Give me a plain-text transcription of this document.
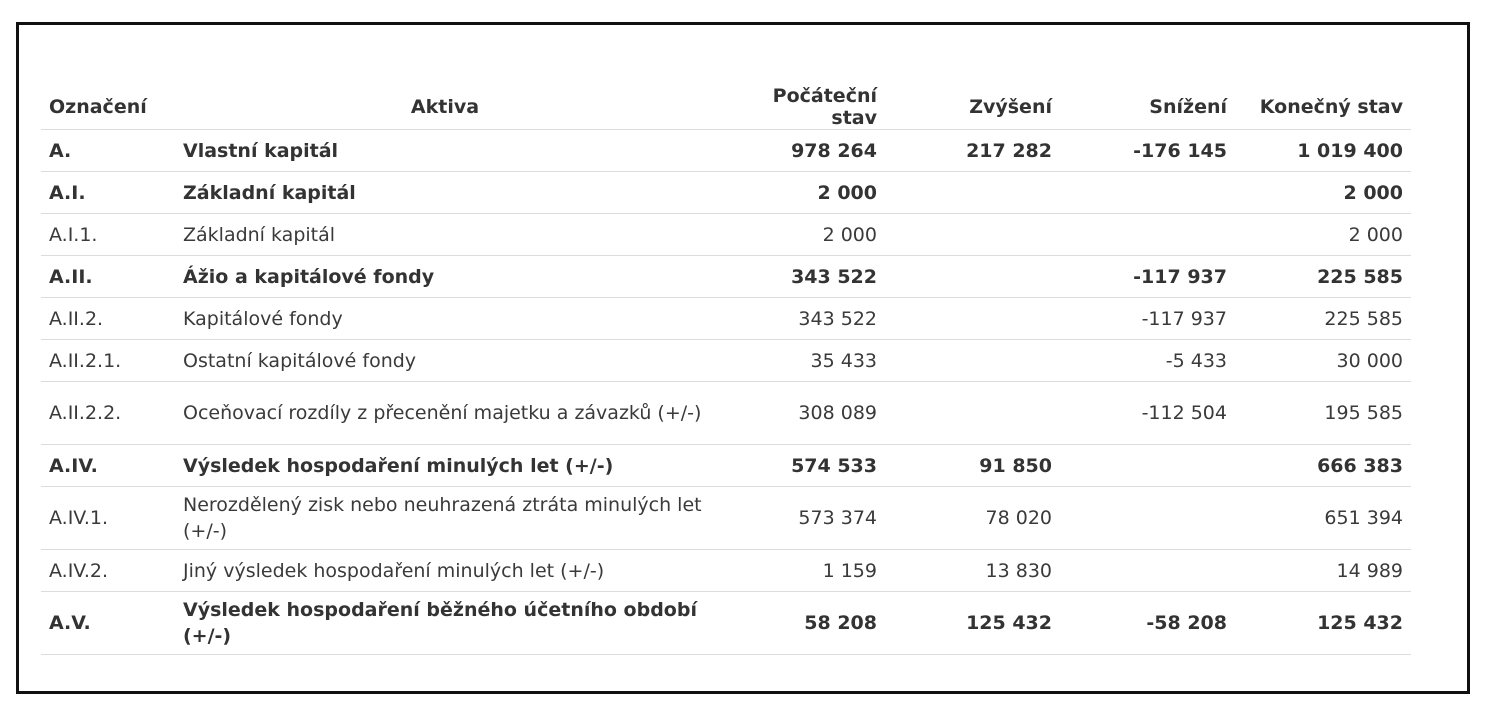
Označení	Aktiva	Počáteční stav	Zvýšení	Snížení	Konečný stav
A.	Vlastní kapitál	978 264	217 282	-176 145	1 019 400
A.I.	Základní kapitál	2 000			2 000
A.I.1.	Základní kapitál	2 000			2 000
A.II.	Ážio a kapitálové fondy	343 522		-117 937	225 585
A.II.2.	Kapitálové fondy	343 522		-117 937	225 585
A.II.2.1.	Ostatní kapitálové fondy	35 433		-5 433	30 000
A.II.2.2.	Oceňovací rozdíly z přecenění majetku a závazků (+/-)	308 089		-112 504	195 585
A.IV.	Výsledek hospodaření minulých let (+/-)	574 533	91 850		666 383
A.IV.1.	Nerozdělený zisk nebo neuhrazená ztráta minulých let (+/-)	573 374	78 020		651 394
A.IV.2.	Jiný výsledek hospodaření minulých let (+/-)	1 159	13 830		14 989
A.V.	Výsledek hospodaření běžného účetního období (+/-)	58 208	125 432	-58 208	125 432
